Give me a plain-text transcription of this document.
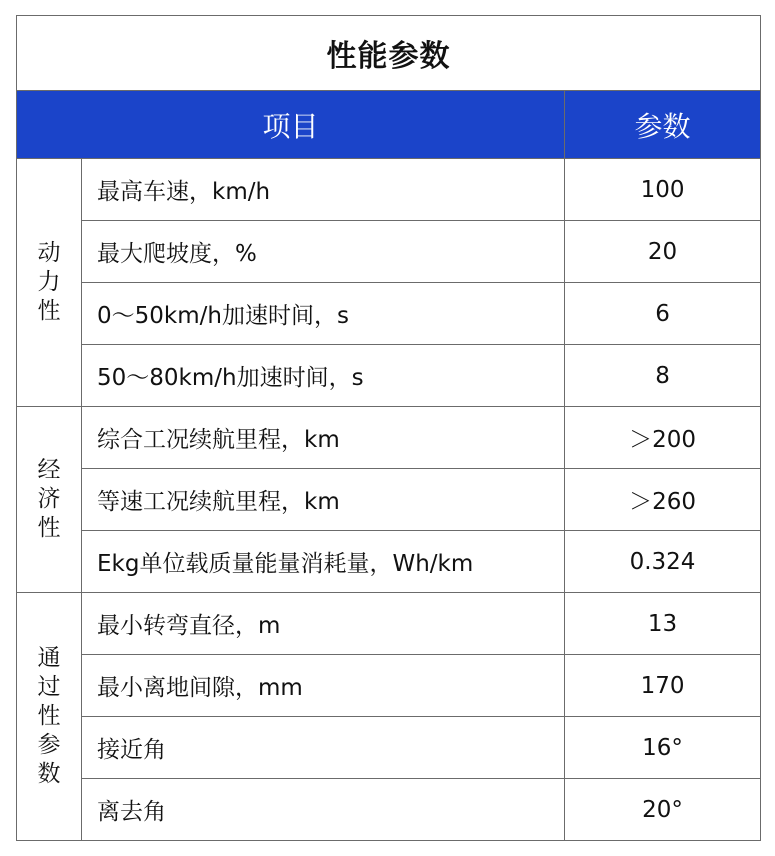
性能参数		
项目		参数
动力性	最高车速，km/h	100
	最大爬坡度，%	20
	0～50km/h加速时间，s	6
	50～80km/h加速时间，s	8
经济性	综合工况续航里程，km	＞200
	等速工况续航里程，km	＞260
	Ekg单位载质量能量消耗量，Wh/km	0.324
通过性参数	最小转弯直径，m	13
	最小离地间隙，mm	170
	接近角	16°
	离去角	20°
